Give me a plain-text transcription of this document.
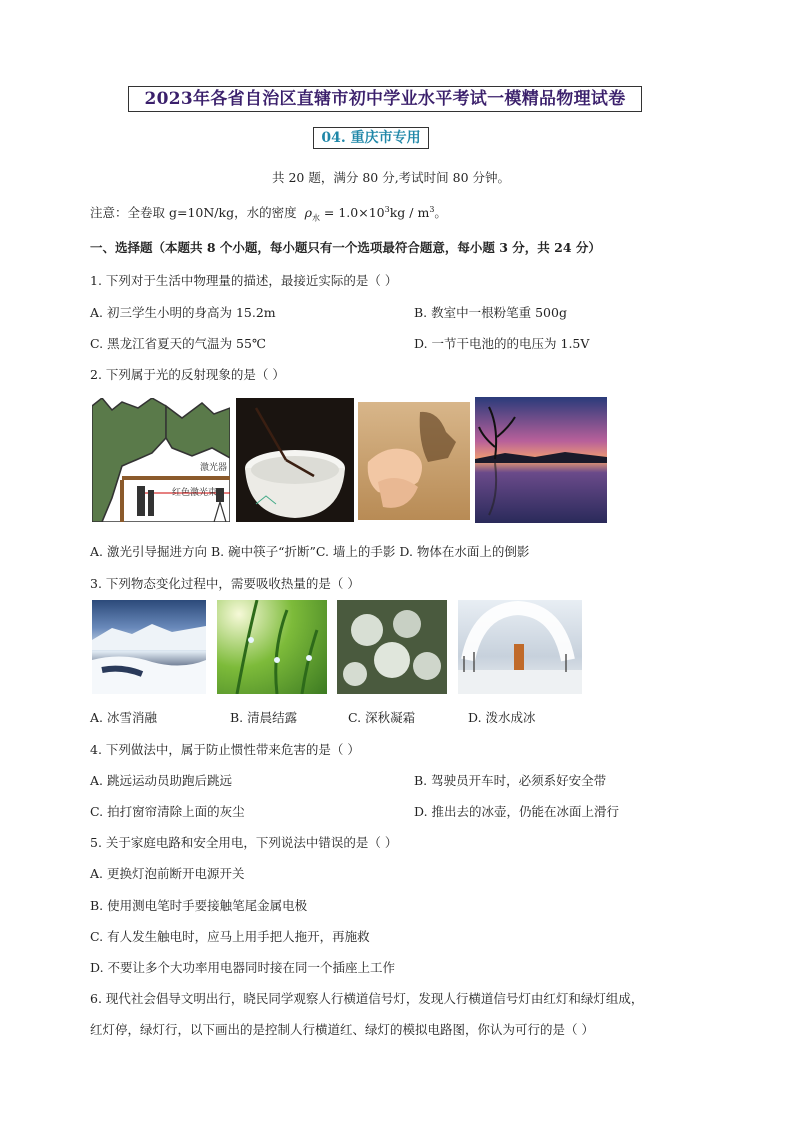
2023年各省自治区直辖市初中学业水平考试一模精品物理试卷
04. 重庆市专用
共 20 题，满分 80 分,考试时间 80 分钟。
注意：全卷取 g=10N/kg，水的密度 $\rho_水 = 1.0\times 10^3kg / m^3$。
一、选择题（本题共 8 个小题，每小题只有一个选项最符合题意，每小题 3 分，共 24 分）
1. 下列对于生活中物理量的描述，最接近实际的是（ ）
A. 初三学生小明的身高为 15.2m	B. 教室中一根粉笔重 500g
C. 黑龙江省夏天的气温为 55℃	D. 一节干电池的的电压为 1.5V
2. 下列属于光的反射现象的是（ ）
激光器
红色激光束
A. 激光引导掘进方向 B. 碗中筷子“折断”C. 墙上的手影 D. 物体在水面上的倒影
3. 下列物态变化过程中，需要吸收热量的是（ ）
A. 冰雪消融	B. 清晨结露	C. 深秋凝霜	D. 泼水成冰
4. 下列做法中，属于防止惯性带来危害的是（ ）
A. 跳远运动员助跑后跳远	B. 驾驶员开车时，必须系好安全带
C. 拍打窗帘清除上面的灰尘	D. 推出去的冰壶，仍能在冰面上滑行
5. 关于家庭电路和安全用电，下列说法中错误的是（ ）
A. 更换灯泡前断开电源开关
B. 使用测电笔时手要接触笔尾金属电极
C. 有人发生触电时，应马上用手把人拖开，再施救
D. 不要让多个大功率用电器同时接在同一个插座上工作
6. 现代社会倡导文明出行，晓民同学观察人行横道信号灯，发现人行横道信号灯由红灯和绿灯组成，
红灯停，绿灯行，以下画出的是控制人行横道红、绿灯的模拟电路图，你认为可行的是（ ）
